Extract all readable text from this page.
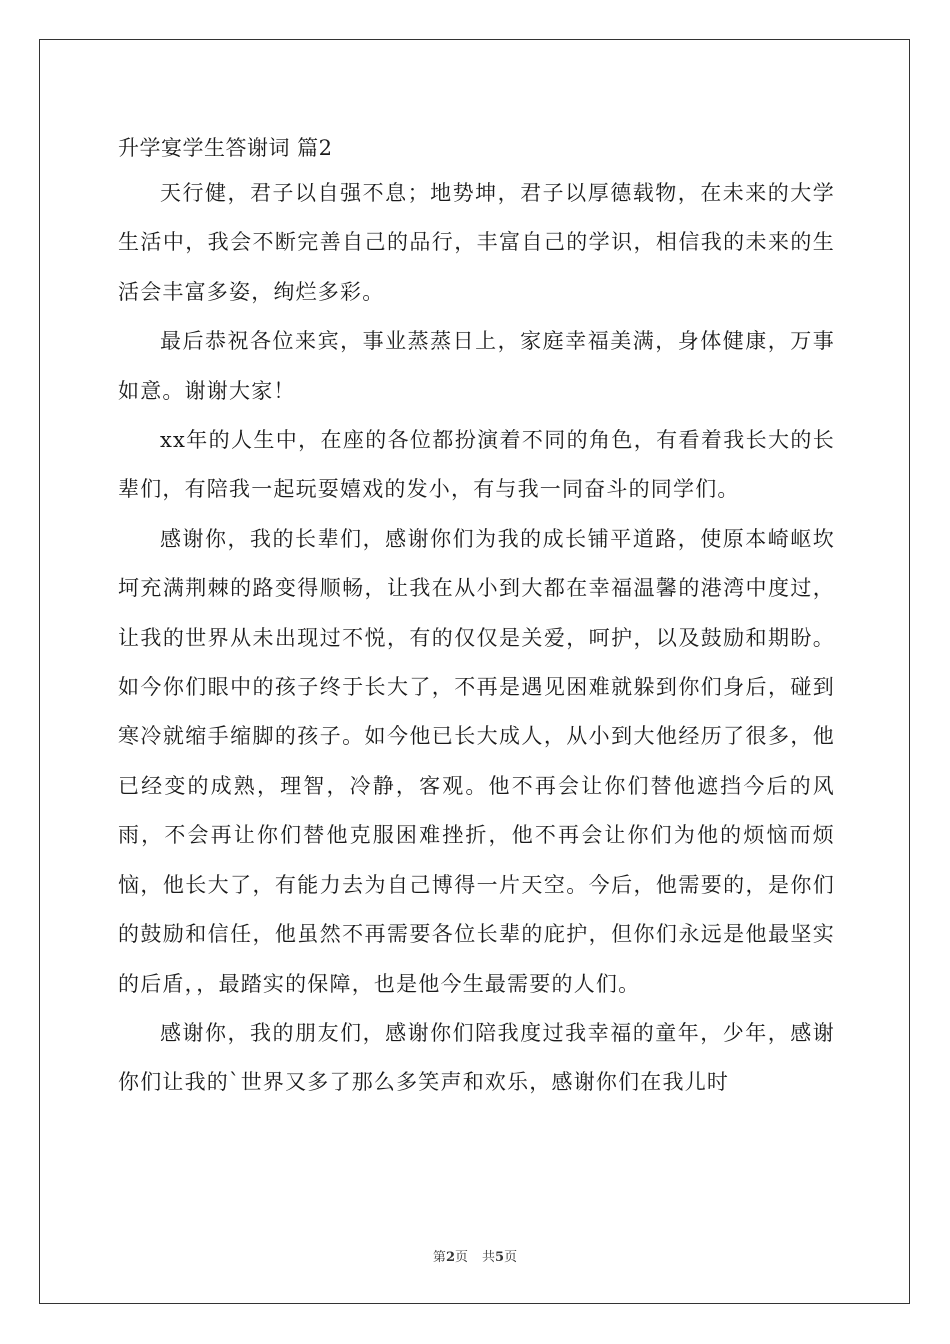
升学宴学生答谢词 篇2

天行健，君子以自强不息；地势坤，君子以厚德载物，在未来的大学生活中，我会不断完善自己的品行，丰富自己的学识，相信我的未来的生活会丰富多姿，绚烂多彩。

最后恭祝各位来宾，事业蒸蒸日上，家庭幸福美满，身体健康，万事如意。谢谢大家！

xx年的人生中，在座的各位都扮演着不同的角色，有看着我长大的长辈们，有陪我一起玩耍嬉戏的发小，有与我一同奋斗的同学们。

感谢你，我的长辈们，感谢你们为我的成长铺平道路，使原本崎岖坎坷充满荆棘的路变得顺畅，让我在从小到大都在幸福温馨的港湾中度过，让我的世界从未出现过不悦，有的仅仅是关爱，呵护，以及鼓励和期盼。如今你们眼中的孩子终于长大了，不再是遇见困难就躲到你们身后，碰到寒冷就缩手缩脚的孩子。如今他已长大成人，从小到大他经历了很多，他已经变的成熟，理智，冷静，客观。他不再会让你们替他遮挡今后的风雨，不会再让你们替他克服困难挫折，他不再会让你们为他的烦恼而烦恼，他长大了，有能力去为自己博得一片天空。今后，他需要的，是你们的鼓励和信任，他虽然不再需要各位长辈的庇护，但你们永远是他最坚实的后盾，，最踏实的保障，也是他今生最需要的人们。

感谢你，我的朋友们，感谢你们陪我度过我幸福的童年，少年，感谢你们让我的`世界又多了那么多笑声和欢乐，感谢你们在我儿时

第2页 共5页
